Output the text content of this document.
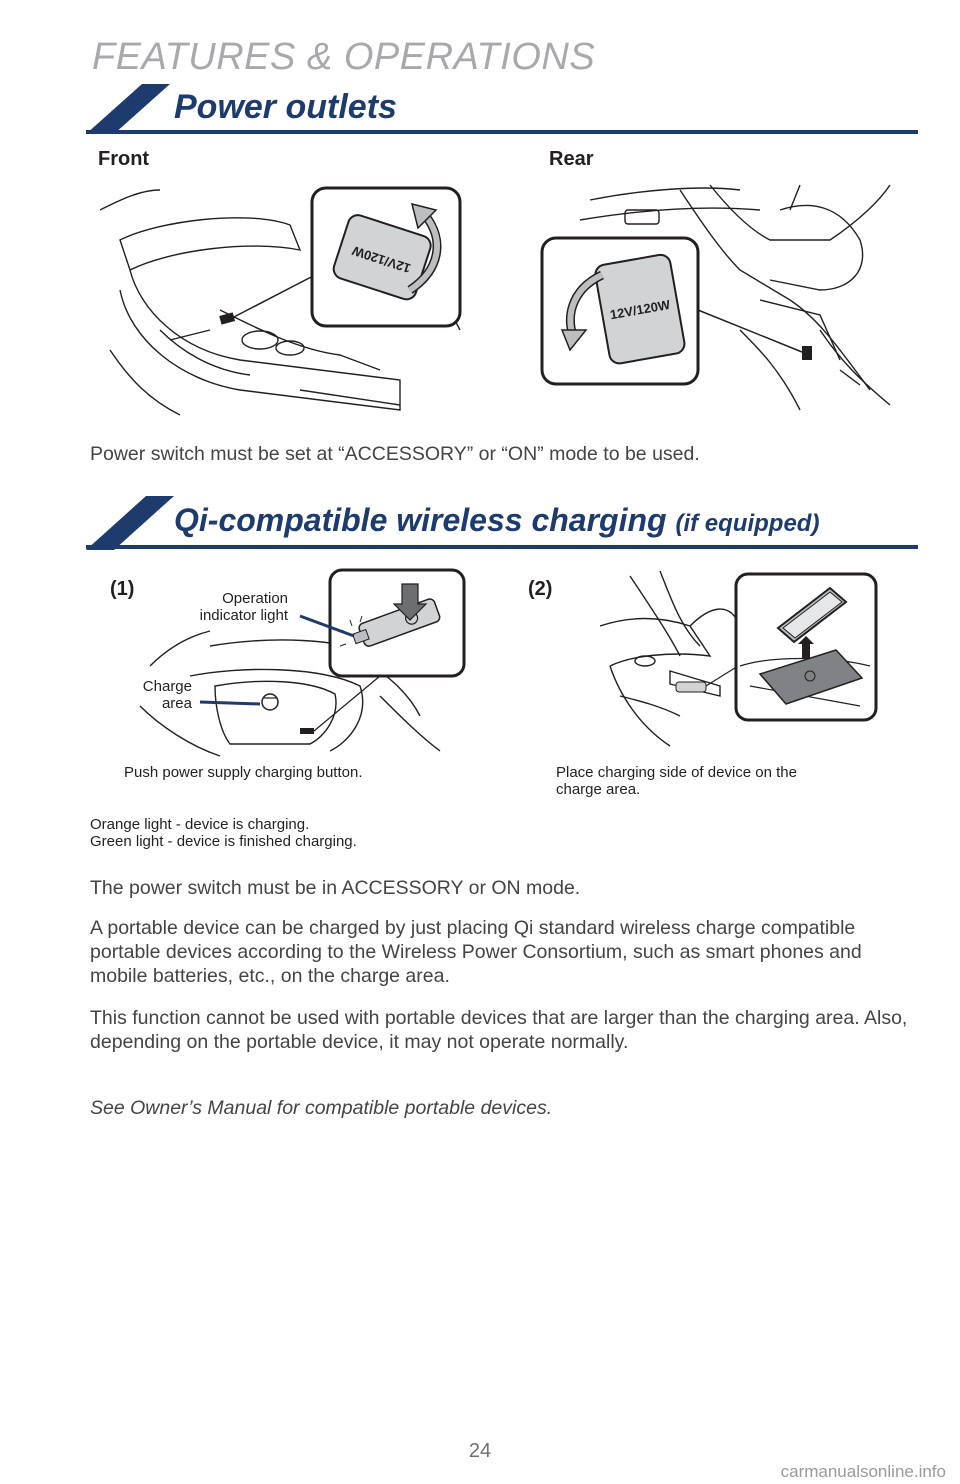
FEATURES & OPERATIONS
Power outlets
Front	Rear
12V/120W
12V/120W

Power switch must be set at “ACCESSORY” or “ON” mode to be used.

Qi-compatible wireless charging (if equipped)
(1)	(2)
Operation
indicator light
Charge
area
Push power supply charging button.	Place charging side of device on the
charge area.
Orange light - device is charging.
Green light - device is finished charging.

The power switch must be in ACCESSORY or ON mode.

A portable device can be charged by just placing Qi standard wireless charge compatible portable devices according to the Wireless Power Consortium, such as smart phones and mobile batteries, etc., on the charge area.

This function cannot be used with portable devices that are larger than the charging area. Also, depending on the portable device, it may not operate normally.

See Owner’s Manual for compatible portable devices.

24
carmanualsonline.info
